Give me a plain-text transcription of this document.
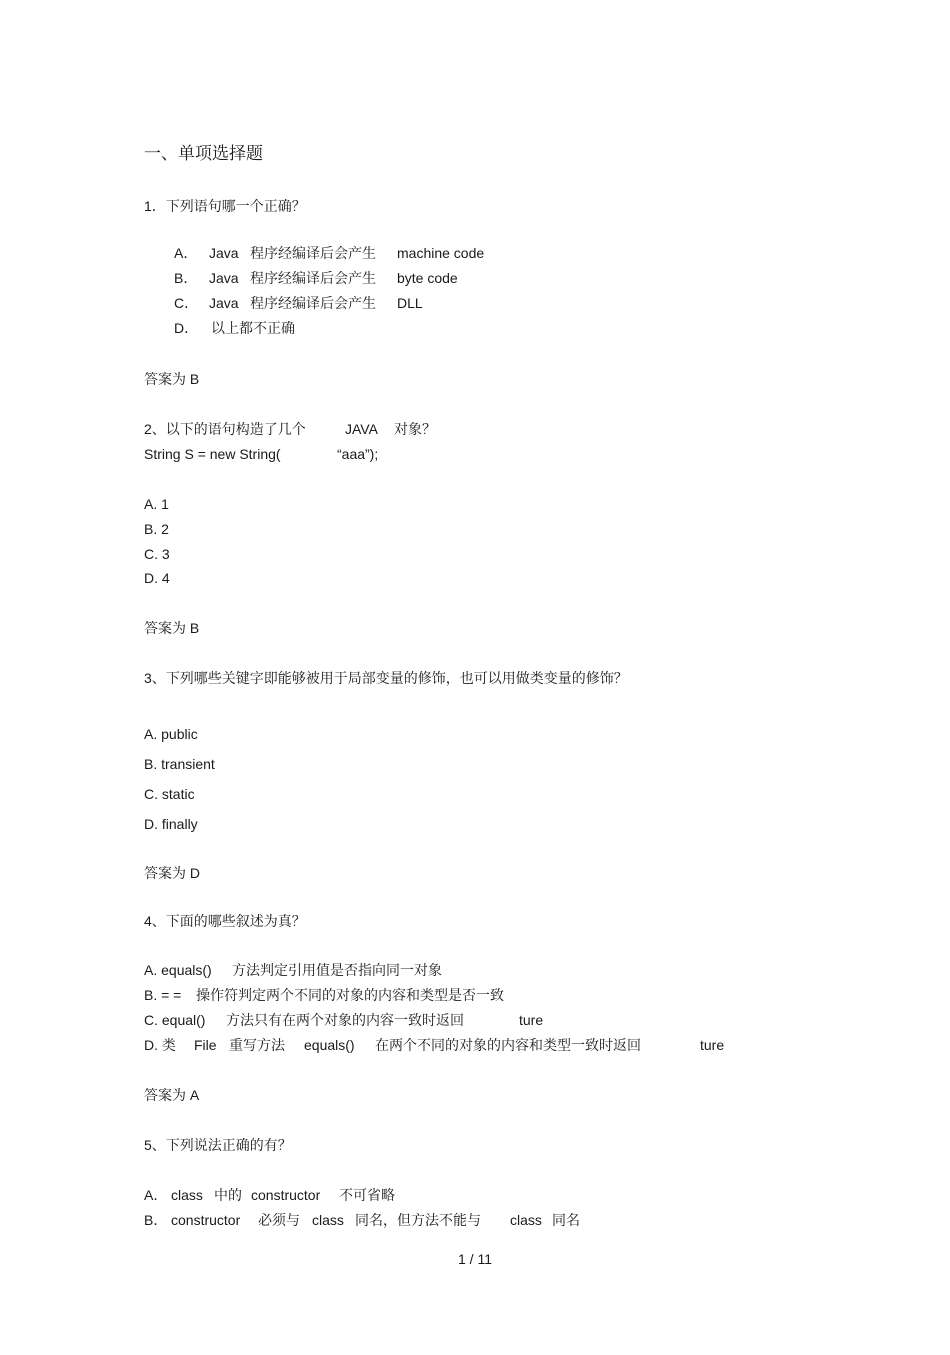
一、单项选择题
1．下列语句哪一个正确？

A．

Java

程序经编译后会产生

machine code

B．

Java

程序经编译后会产生

byte code

C．

Java

程序经编译后会产生

DLL

D．

以上都不正确

答案为 B

2、以下的语句构造了几个

	JAVA

对象？

String S = new String(

	“aaa”);

A. 1
B. 2
C. 3
D. 4
答案为 B
3、下列哪些关键字即能够被用于局部变量的修饰，也可以用做类变量的修饰？
A. public
B. transient
C. static
D. finally
答案为 D
4、下面的哪些叙述为真？

A. equals()

方法判定引用值是否指向同一对象

B. = =

操作符判定两个不同的对象的内容和类型是否一致

C. equal()

方法只有在两个对象的内容一致时返回

	ture

D. 类

File

重写方法

equals()

在两个不同的对象的内容和类型一致时返回

	ture

答案为 A
5、下列说法正确的有？

A．

class

中的

constructor

不可省略

B．

constructor

必须与

class

同名，但方法不能与

class

同名

1 / 11
